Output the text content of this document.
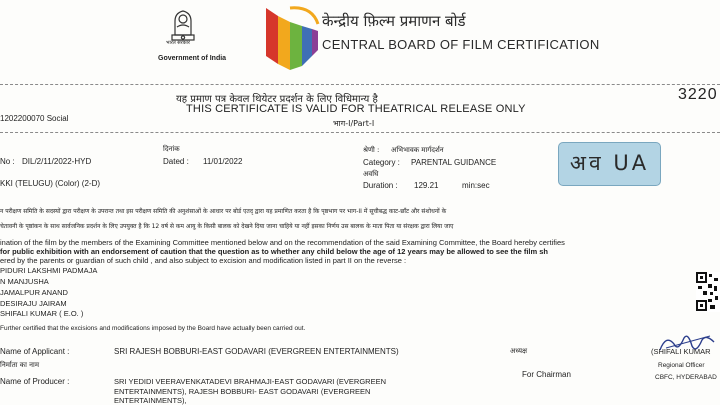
भारत सरकार
Government of India
केन्द्रीय फ़िल्म प्रमाणन बोर्ड
CENTRAL BOARD OF FILM CERTIFICATION
यह प्रमाण पत्र केवल थियेटर प्रदर्शन के लिए विधिमान्य है
THIS CERTIFICATE IS VALID FOR THEATRICAL RELEASE ONLY
भाग-I/Part-I
3220
1202200070 Social
No : DIL/2/11/2022-HYD
दिनांक
Dated : 11/01/2022
KKI (TELUGU) (Color) (2-D)
श्रेणी : अभिभावक मार्गदर्शन
Category : PARENTAL GUIDANCE
अवधि
Duration : 129.21	min:sec
अव UA
न परीक्षण समिति के सदस्यों द्वारा परीक्षण के उपरान्त तथा इस परीक्षण समिति की अनुशंसाओं के आधार पर बोर्ड एतद् द्वारा यह प्रमाणित करता है कि पृष्ठभाग पर भाग-II में सूचीबद्ध काट-छाँट और संशोधनों के
चेतावनी के पृष्ठांकन के साथ सार्वजनिक प्रदर्शन के लिए उपयुक्त है कि 12 वर्ष से कम आयु के किसी बालक को देखने दिया जाना चाहिये या नहीं इसका निर्णय उस बालक के माता पिता या संरक्षक द्वारा लिया जाए
ination of the film by the members of the Examining Committee mentioned below and on the recommendation of the said Examining Committee, the Board hereby certifies
for public exhibition with an endorsement of caution that the question as to whether any child below the age of 12 years may be allowed to see the film sh
ered by the parents or guardian of such child , and also subject to excision and modification listed in part II on the reverse :
PIDURI LAKSHMI PADMAJA
N MANJUSHA
JAMALPUR ANAND
DESIRAJU JAIRAM
SHIFALI KUMAR ( E.O. )
Further certified that the excisions and modifications imposed by the Board have actually been carried out.
Name of Applicant :	SRI RAJESH BOBBURI-EAST GODAVARI (EVERGREEN ENTERTAINMENTS)
निर्माता का नाम
Name of Producer :	SRI YEDIDI VEERAVENKATADEVI BRAHMAJI-EAST GODAVARI (EVERGREEN
ENTERTAINMENTS), RAJESH BOBBURI- EAST GODAVARI (EVERGREEN
ENTERTAINMENTS),
अध्यक्ष
For Chairman
(SHIFALI KUMAR
Regional Officer
CBFC, HYDERABAD
